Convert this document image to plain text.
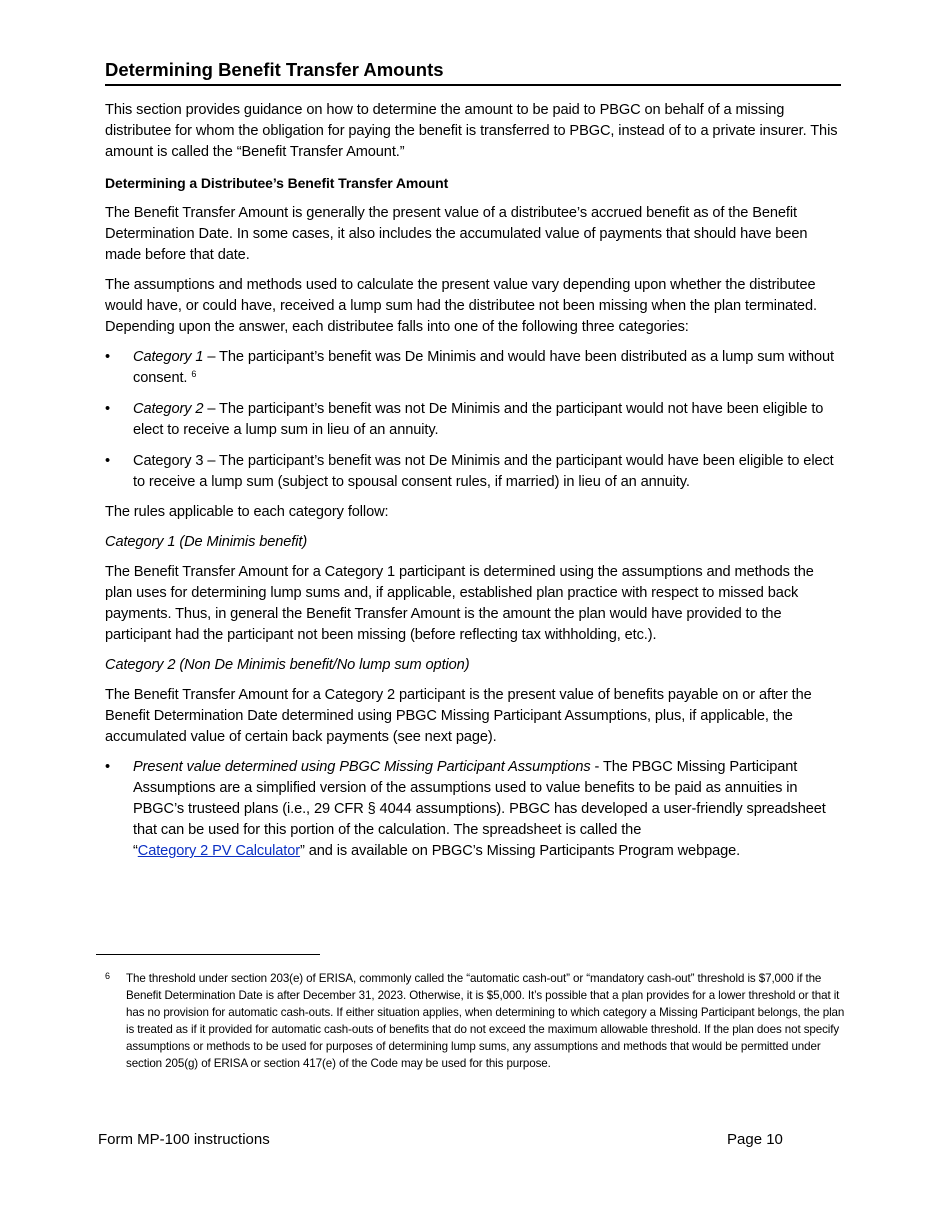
Determining Benefit Transfer Amounts

This section provides guidance on how to determine the amount to be paid to PBGC on behalf of a missing distributee for whom the obligation for paying the benefit is transferred to PBGC, instead of to a private insurer. This amount is called the “Benefit Transfer Amount.”

Determining a Distributee’s Benefit Transfer Amount

The Benefit Transfer Amount is generally the present value of a distributee’s accrued benefit as of the Benefit Determination Date. In some cases, it also includes the accumulated value of payments that should have been made before that date.

The assumptions and methods used to calculate the present value vary depending upon whether the distributee would have, or could have, received a lump sum had the distributee not been missing when the plan terminated. Depending upon the answer, each distributee falls into one of the following three categories:

• Category 1 – The participant’s benefit was De Minimis and would have been distributed as a lump sum without consent. $^6$
• Category 2 – The participant’s benefit was not De Minimis and the participant would not have been eligible to elect to receive a lump sum in lieu of an annuity.
• Category 3 – The participant’s benefit was not De Minimis and the participant would have been eligible to elect to receive a lump sum (subject to spousal consent rules, if married) in lieu of an annuity.

The rules applicable to each category follow:

Category 1 (De Minimis benefit)

The Benefit Transfer Amount for a Category 1 participant is determined using the assumptions and methods the plan uses for determining lump sums and, if applicable, established plan practice with respect to missed back payments. Thus, in general the Benefit Transfer Amount is the amount the plan would have provided to the participant had the participant not been missing (before reflecting tax withholding, etc.).

Category 2 (Non De Minimis benefit/No lump sum option)

The Benefit Transfer Amount for a Category 2 participant is the present value of benefits payable on or after the Benefit Determination Date determined using PBGC Missing Participant Assumptions, plus, if applicable, the accumulated value of certain back payments (see next page).

• Present value determined using PBGC Missing Participant Assumptions - The PBGC Missing Participant Assumptions are a simplified version of the assumptions used to value benefits to be paid as annuities in PBGC’s trusteed plans (i.e., 29 CFR § 4044 assumptions). PBGC has developed a user-friendly spreadsheet that can be used for this portion of the calculation. The spreadsheet is called the
“Category 2 PV Calculator” and is available on PBGC’s Missing Participants Program webpage.
6 The threshold under section 203(e) of ERISA, commonly called the “automatic cash-out” or “mandatory cash-out” threshold is $7,000 if the Benefit Determination Date is after December 31, 2023. Otherwise, it is $5,000. It’s possible that a plan provides for a lower threshold or that it has no provision for automatic cash-outs. If either situation applies, when determining to which category a Missing Participant belongs, the plan is treated as if it provided for automatic cash-outs of benefits that do not exceed the maximum allowable threshold. If the plan does not specify assumptions or methods to be used for purposes of determining lump sums, any assumptions and methods that would be permitted under section 205(g) of ERISA or section 417(e) of the Code may be used for this purpose.
Form MP-100 instructions	Page 10
